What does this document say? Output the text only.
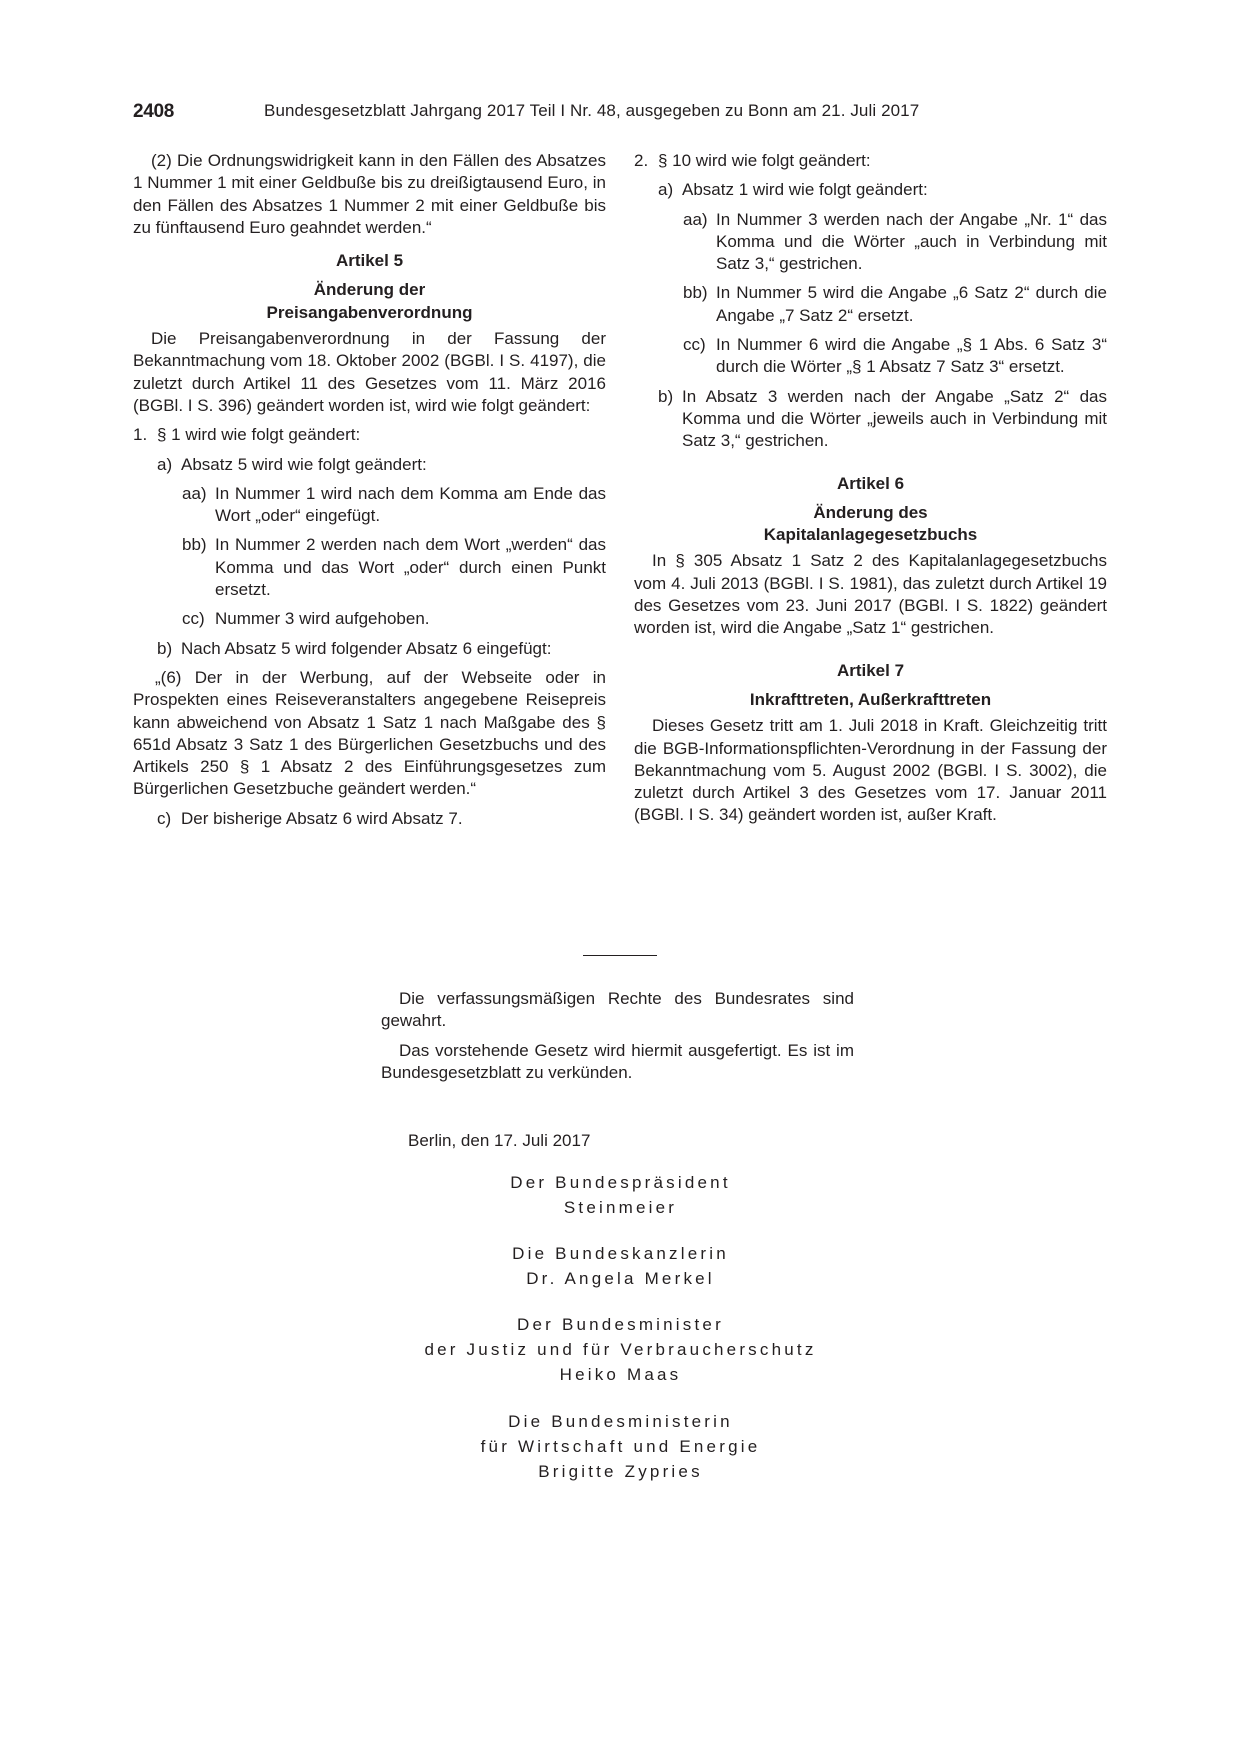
2408	Bundesgesetzblatt Jahrgang 2017 Teil I Nr. 48, ausgegeben zu Bonn am 21. Juli 2017

(2) Die Ordnungswidrigkeit kann in den Fällen des Absatzes 1 Nummer 1 mit einer Geldbuße bis zu dreißigtausend Euro, in den Fällen des Absatzes 1 Nummer 2 mit einer Geldbuße bis zu fünftausend Euro geahndet werden.“

Artikel 5

Änderung der

Preisangabenverordnung

Die Preisangabenverordnung in der Fassung der Bekanntmachung vom 18. Oktober 2002 (BGBl. I S. 4197), die zuletzt durch Artikel 11 des Gesetzes vom 11. März 2016 (BGBl. I S. 396) geändert worden ist, wird wie folgt geändert:

1. § 1 wird wie folgt geändert:
a) Absatz 5 wird wie folgt geändert:
aa) In Nummer 1 wird nach dem Komma am Ende das Wort „oder“ eingefügt.
bb) In Nummer 2 werden nach dem Wort „werden“ das Komma und das Wort „oder“ durch einen Punkt ersetzt.
cc) Nummer 3 wird aufgehoben.
b) Nach Absatz 5 wird folgender Absatz 6 eingefügt:

„(6) Der in der Werbung, auf der Webseite oder in Prospekten eines Reiseveranstalters angegebene Reisepreis kann abweichend von Absatz 1 Satz 1 nach Maßgabe des § 651d Absatz 3 Satz 1 des Bürgerlichen Gesetzbuchs und des Artikels 250 § 1 Absatz 2 des Einführungsgesetzes zum Bürgerlichen Gesetzbuche geändert werden.“

c) Der bisherige Absatz 6 wird Absatz 7.
2. § 10 wird wie folgt geändert:
a) Absatz 1 wird wie folgt geändert:
aa) In Nummer 3 werden nach der Angabe „Nr. 1“ das Komma und die Wörter „auch in Verbindung mit Satz 3,“ gestrichen.
bb) In Nummer 5 wird die Angabe „6 Satz 2“ durch die Angabe „7 Satz 2“ ersetzt.
cc) In Nummer 6 wird die Angabe „§ 1 Abs. 6 Satz 3“ durch die Wörter „§ 1 Absatz 7 Satz 3“ ersetzt.
b) In Absatz 3 werden nach der Angabe „Satz 2“ das Komma und die Wörter „jeweils auch in Verbindung mit Satz 3,“ gestrichen.

Artikel 6

Änderung des

Kapitalanlagegesetzbuchs

In § 305 Absatz 1 Satz 2 des Kapitalanlagegesetzbuchs vom 4. Juli 2013 (BGBl. I S. 1981), das zuletzt durch Artikel 19 des Gesetzes vom 23. Juni 2017 (BGBl. I S. 1822) geändert worden ist, wird die Angabe „Satz 1“ gestrichen.

Artikel 7

Inkrafttreten, Außerkrafttreten

Dieses Gesetz tritt am 1. Juli 2018 in Kraft. Gleichzeitig tritt die BGB-Informationspflichten-Verordnung in der Fassung der Bekanntmachung vom 5. August 2002 (BGBl. I S. 3002), die zuletzt durch Artikel 3 des Gesetzes vom 17. Januar 2011 (BGBl. I S. 34) geändert worden ist, außer Kraft.

Die verfassungsmäßigen Rechte des Bundesrates sind gewahrt.

Das vorstehende Gesetz wird hiermit ausgefertigt. Es ist im Bundesgesetzblatt zu verkünden.

Berlin, den 17. Juli 2017
Der Bundespräsident
Steinmeier
Die Bundeskanzlerin
Dr. Angela Merkel
Der Bundesminister
der Justiz und für Verbraucherschutz
Heiko Maas
Die Bundesministerin
für Wirtschaft und Energie
Brigitte Zypries
